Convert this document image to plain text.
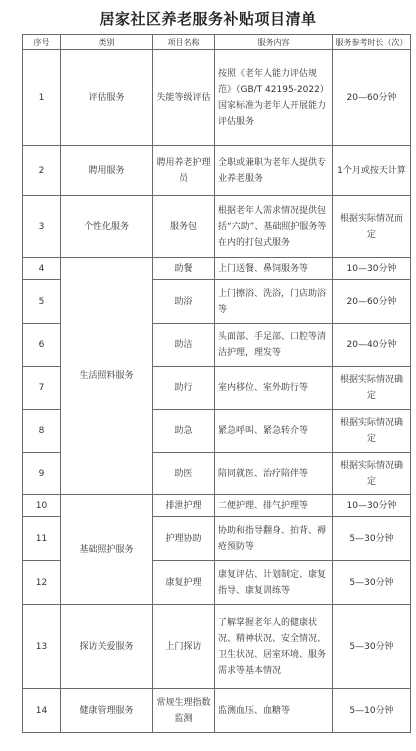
居家社区养老服务补贴项目清单
序号	类别	项目名称	服务内容	服务参考时长（次）
1	评估服务	失能等级评估	按照《老年人能力评估规范》（GB/T 42195-2022）国家标准为老年人开展能力评估服务	20—60分钟
2	聘用服务	聘用养老护理员	全职或兼职为老年人提供专业养老服务	1个月或按天计算
3	个性化服务	服务包	根据老年人需求情况提供包括“六助”、基础照护服务等在内的打包式服务	根据实际情况而定
4	生活照料服务	助餐	上门送餐、鼻饲服务等	10—30分钟
5		助浴	上门擦浴、洗浴，门店助浴等	20—60分钟
6		助洁	头面部、手足部、口腔等清洁护理，理发等	20—40分钟
7		助行	室内移位、室外助行等	根据实际情况确定
8		助急	紧急呼叫、紧急转介等	根据实际情况确定
9		助医	陪同就医、治疗陪伴等	根据实际情况确定
10	基础照护服务	排泄护理	二便护理、排气护理等	10—30分钟
11		护理协助	协助和指导翻身、拍背、褥疮预防等	5—30分钟
12		康复护理	康复评估、计划制定、康复指导、康复训练等	5—30分钟
13	探访关爱服务	上门探访	了解掌握老年人的健康状况、精神状况、安全情况、卫生状况、居室环境、服务需求等基本情况	5—30分钟
14	健康管理服务	常规生理指数监测	监测血压、血糖等	5—10分钟
